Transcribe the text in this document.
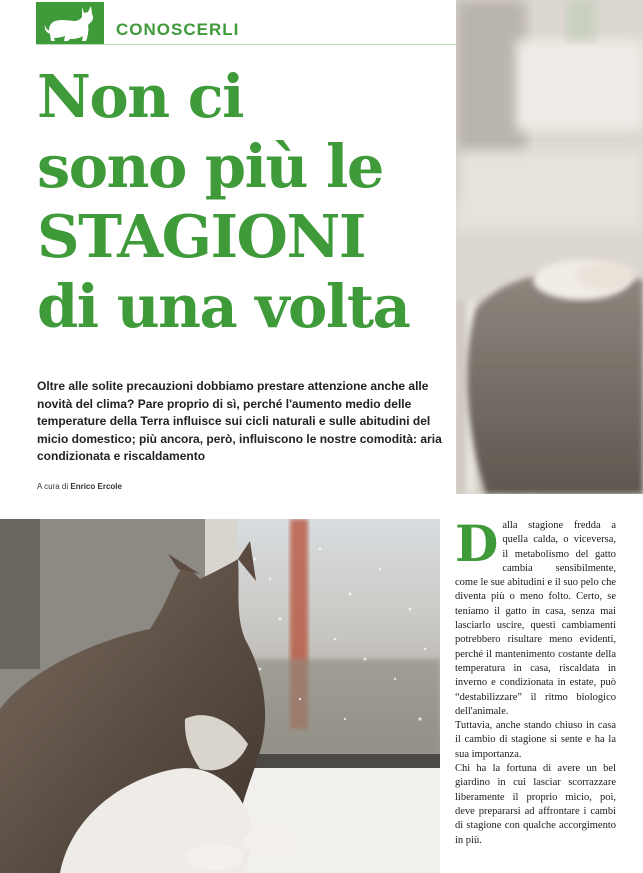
CONOSCERLI
Non ci
sono più le
STAGIONI
di una volta

Oltre alle solite precauzioni dobbiamo prestare attenzione anche alle novità del clima? Pare proprio di sì, perché l'aumento medio delle temperature della Terra influisce sui cicli naturali e sulle abitudini del micio domestico; più ancora, però, influiscono le nostre comodità: aria condizionata e riscaldamento

A cura di Enrico Ercole
D alla stagione fredda a quella calda, o viceversa, il metabolismo del gatto cambia sensibilmente, come le sue abitudini e il suo pelo che diventa più o meno folto. Certo, se teniamo il gatto in casa, senza mai lasciarlo uscire, questi cambiamenti potrebbero risultare meno evidenti, perché il mantenimento costante della temperatura in casa, riscaldata in inverno e condizionata in estate, può “destabilizzare” il ritmo biologico dell'animale.

Tuttavia, anche stando chiuso in casa il cambio di stagione si sente e ha la sua importanza.

Chi ha la fortuna di avere un bel giardino in cui lasciar scorrazzare liberamente il proprio micio, poi, deve prepararsi ad affrontare i cambi di stagione con qualche accorgimento in più.
